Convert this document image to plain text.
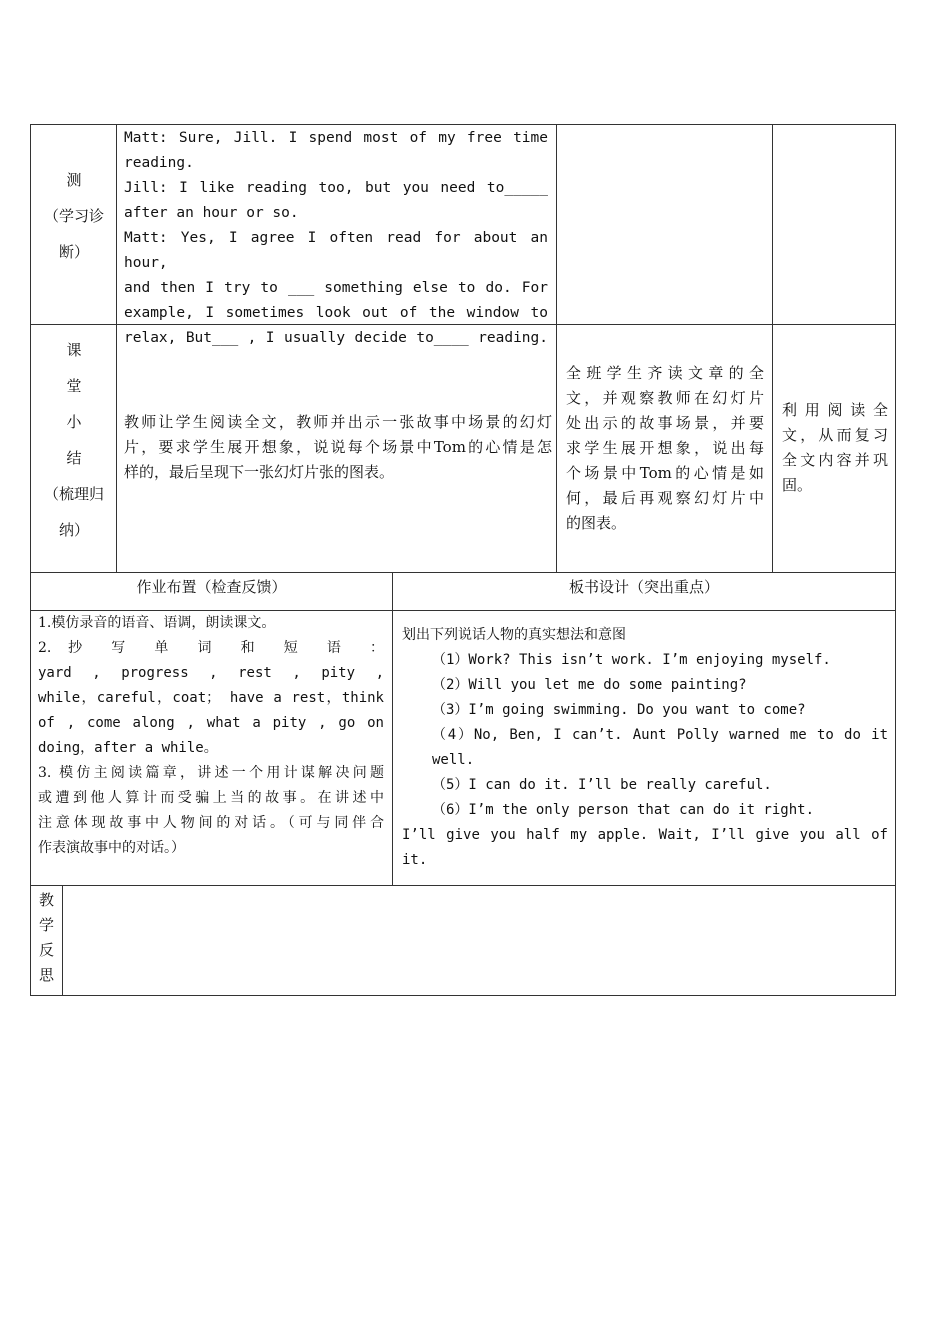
测
（学习诊
断）
Matt: Sure, Jill. I spend most of my free time
reading.
Jill: I like reading too, but you need to_____
after an hour or so.
Matt: Yes, I agree I often read for about an hour,
and then I try to ___ something else to do. For
example, I sometimes look out of the window to
relax, But___ , I usually decide to____ reading.
课
堂
小
结
（梳理归
纳）
教师让学生阅读全文，教师并出示一张故事中场景的幻灯
片，要求学生展开想象，说说每个场景中Tom的心情是怎
样的，最后呈现下一张幻灯片张的图表。
全班学生齐读文章的全
文，并观察教师在幻灯片
处出示的故事场景，并要
求学生展开想象，说出每
个场景中Tom的心情是如
何，最后再观察幻灯片中
的图表。
利用阅读全
文，从而复习
全文内容并巩
固。
作业布置（检查反馈）	板书设计（突出重点）
1.模仿录音的语音、语调，朗读课文。
2. 抄 写 单 词 和 短 语 ：
yard , progress , rest , pity ,
while，careful，coat； have a rest，think
of , come along , what a pity , go on
doing，after a while。
3. 模仿主阅读篇章，讲述一个用计谋解决问题
或遭到他人算计而受骗上当的故事。在讲述中
注意体现故事中人物间的对话。（可与同伴合
作表演故事中的对话。）
划出下列说话人物的真实想法和意图
（1）Work? This isn’t work. I’m enjoying myself.
（2）Will you let me do some painting?
（3）I’m going swimming. Do you want to come?
（4）No, Ben, I can’t. Aunt Polly warned me to do it
well.
（5）I can do it. I’ll be really careful.
（6）I’m the only person that can do it right.
I’ll give you half my apple. Wait, I’ll give you all of
it.
教
学
反
思
